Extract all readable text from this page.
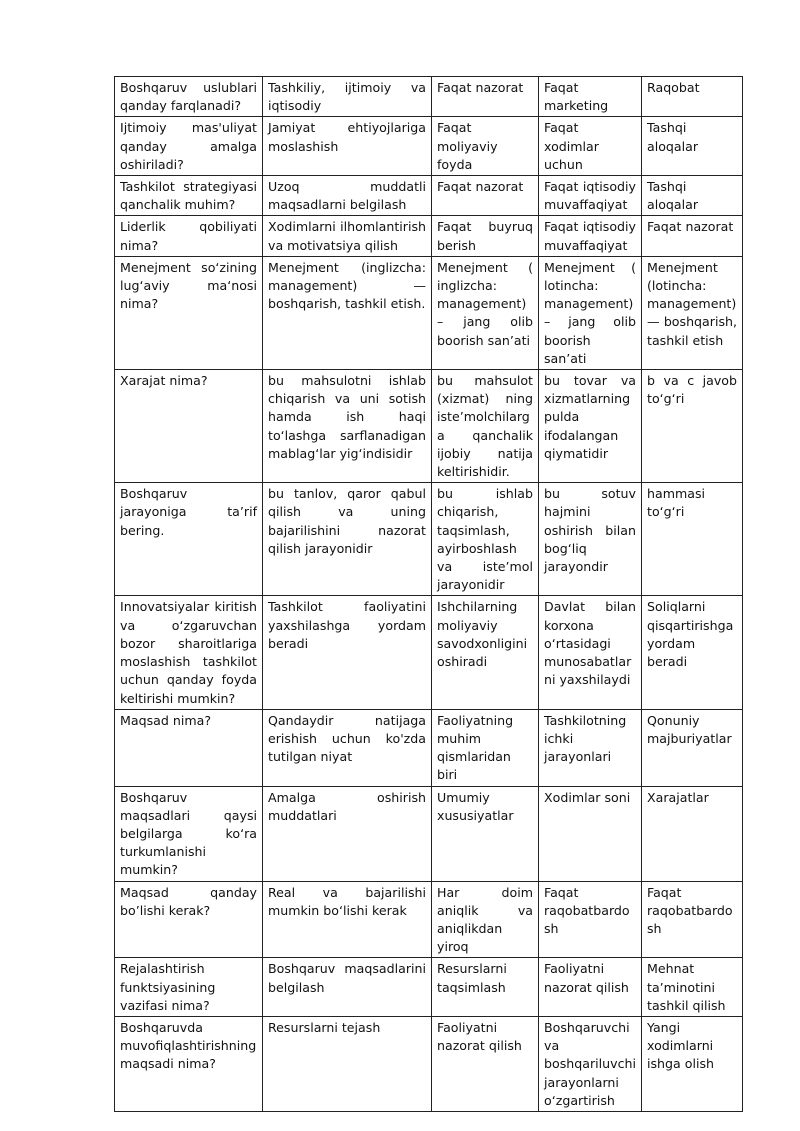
Boshqaruv uslublari qanday farqlanadi?	Tashkiliy, ijtimoiy va iqtisodiy	Faqat nazorat	Faqat marketing	Raqobat
Ijtimoiy mas'uliyat qanday amalga oshiriladi?	Jamiyat ehtiyojlariga moslashish	Faqat moliyaviy foyda	Faqat xodimlar uchun	Tashqi aloqalar
Tashkilot strategiyasi qanchalik muhim?	Uzoq muddatli maqsadlarni belgilash	Faqat nazorat	Faqat iqtisodiy muvaffaqiyat	Tashqi aloqalar
Liderlik qobiliyati nima?	Xodimlarni ilhomlantirish va motivatsiya qilish	Faqat buyruq berish	Faqat iqtisodiy muvaffaqiyat	Faqat nazorat
Menejment so‘zining lug‘aviy ma‘nosi nima?	Menejment (inglizcha: management) — boshqarish, tashkil etish.	Menejment ( inglizcha: management) – jang olib boorish san’ati	Menejment ( lotincha: management) – jang olib boorish san’ati	Menejment (lotincha: management) — boshqarish, tashkil etish
Xarajat nima?	bu mahsulotni ishlab chiqarish va uni sotish hamda ish haqi to‘lashga sarflanadigan mablag‘lar yig‘indisidir	bu mahsulot (xizmat) ning iste’molchilarg a qanchalik ijobiy natija keltirishidir.	bu tovar va xizmatlarning pulda ifodalangan qiymatidir	b va c javob to‘g‘ri
Boshqaruv jarayoniga ta’rif bering.	bu tanlov, qaror qabul qilish va uning bajarilishini nazorat qilish jarayonidir	bu ishlab chiqarish, taqsimlash, ayirboshlash va iste’mol jarayonidir	bu sotuv hajmini oshirish bilan bog‘liq jarayondir	hammasi to‘g‘ri
Innovatsiyalar kiritish va o‘zgaruvchan bozor sharoitlariga moslashish tashkilot uchun qanday foyda keltirishi mumkin?	Tashkilot faoliyatini yaxshilashga yordam beradi	Ishchilarning moliyaviy savodxonligini oshiradi	Davlat bilan korxona o‘rtasidagi munosabatlar ni yaxshilaydi	Soliqlarni qisqartirishga yordam beradi
Maqsad nima?	Qandaydir natijaga erishish uchun ko'zda tutilgan niyat	Faoliyatning muhim qismlaridan biri	Tashkilotning ichki jarayonlari	Qonuniy majburiyatlar
Boshqaruv maqsadlari qaysi belgilarga ko‘ra turkumlanishi mumkin?	Amalga oshirish muddatlari	Umumiy xususiyatlar	Xodimlar soni	Xarajatlar
Maqsad qanday bo’lishi kerak?	Real va bajarilishi mumkin bo‘lishi kerak	Har doim aniqlik va aniqlikdan yiroq	Faqat raqobatbardo sh	Faqat raqobatbardo sh
Rejalashtirish funktsiyasining vazifasi nima?	Boshqaruv maqsadlarini belgilash	Resurslarni taqsimlash	Faoliyatni nazorat qilish	Mehnat ta’minotini tashkil qilish
Boshqaruvda muvofiqlashtirishning maqsadi nima?	Resurslarni tejash	Faoliyatni nazorat qilish	Boshqaruvchi va boshqariluvchi jarayonlarni o‘zgartirish	Yangi xodimlarni ishga olish
